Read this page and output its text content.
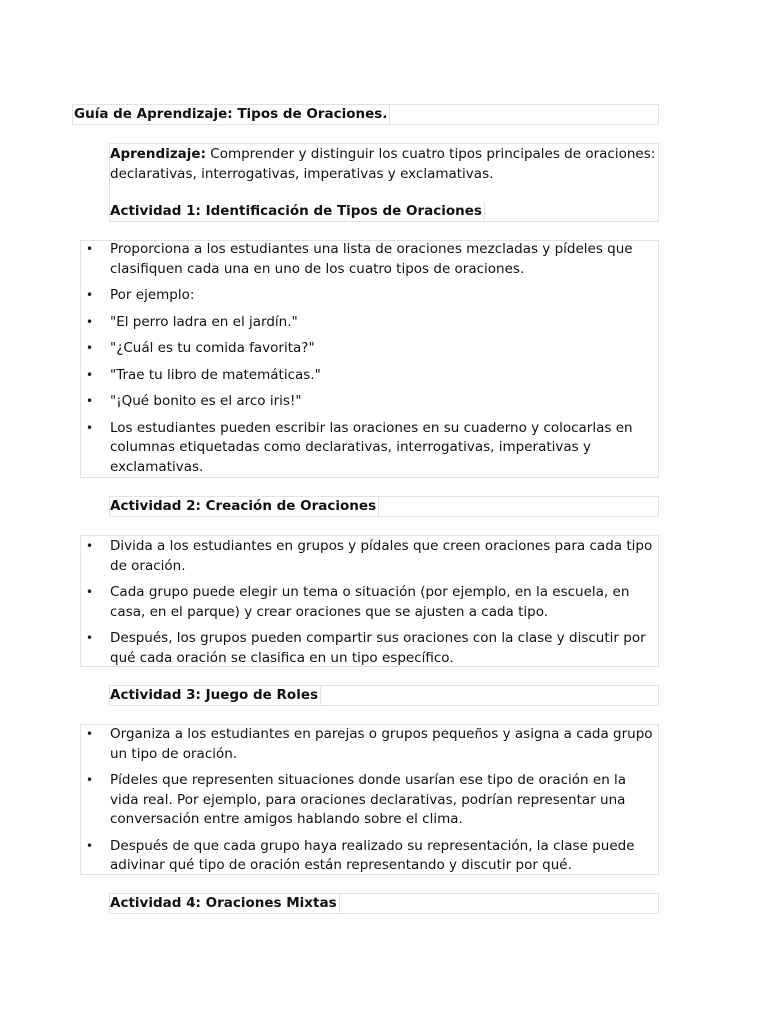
Guía de Aprendizaje: Tipos de Oraciones.
Aprendizaje: Comprender y distinguir los cuatro tipos principales de oraciones:
declarativas, interrogativas, imperativas y exclamativas.
Actividad 1: Identificación de Tipos de Oraciones
• Proporciona a los estudiantes una lista de oraciones mezcladas y pídeles que clasifiquen cada una en uno de los cuatro tipos de oraciones.
• Por ejemplo:
• "El perro ladra en el jardín."
• "¿Cuál es tu comida favorita?"
• "Trae tu libro de matemáticas."
• "¡Qué bonito es el arco iris!"
• Los estudiantes pueden escribir las oraciones en su cuaderno y colocarlas en columnas etiquetadas como declarativas, interrogativas, imperativas y exclamativas.
Actividad 2: Creación de Oraciones
• Divida a los estudiantes en grupos y pídales que creen oraciones para cada tipo de oración.
• Cada grupo puede elegir un tema o situación (por ejemplo, en la escuela, en casa, en el parque) y crear oraciones que se ajusten a cada tipo.
• Después, los grupos pueden compartir sus oraciones con la clase y discutir por qué cada oración se clasifica en un tipo específico.
Actividad 3: Juego de Roles
• Organiza a los estudiantes en parejas o grupos pequeños y asigna a cada grupo un tipo de oración.
• Pídeles que representen situaciones donde usarían ese tipo de oración en la vida real. Por ejemplo, para oraciones declarativas, podrían representar una conversación entre amigos hablando sobre el clima.
• Después de que cada grupo haya realizado su representación, la clase puede adivinar qué tipo de oración están representando y discutir por qué.
Actividad 4: Oraciones Mixtas
